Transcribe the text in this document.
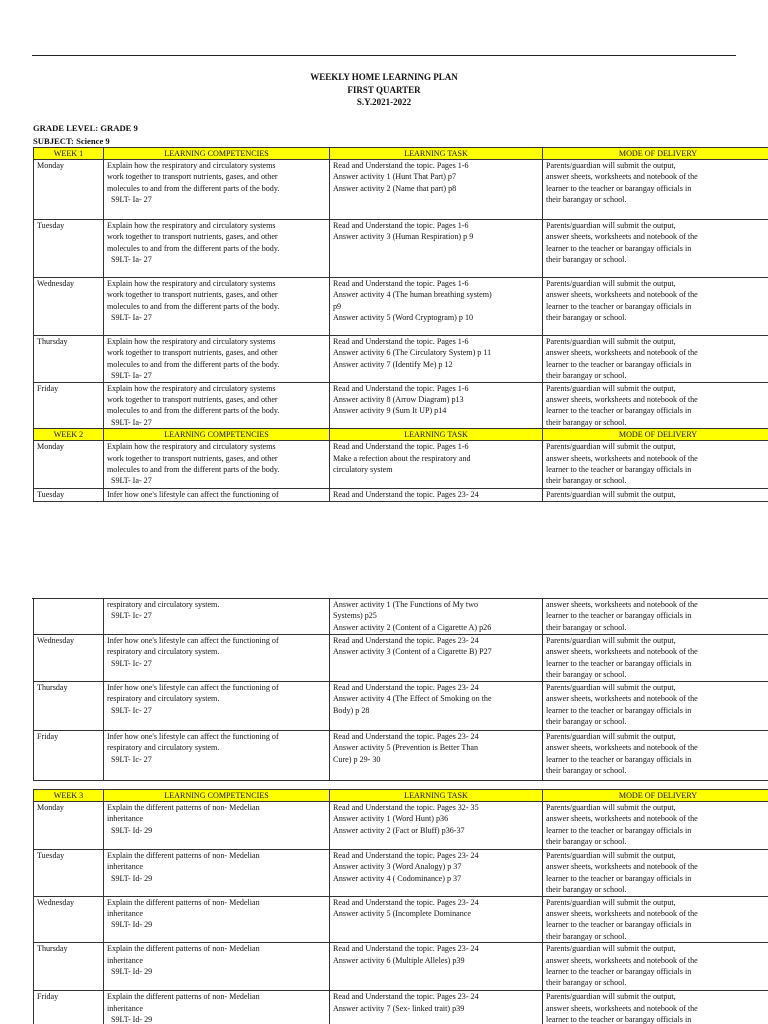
WEEKLY HOME LEARNING PLAN
FIRST QUARTER
S.Y.2021-2022
GRADE LEVEL: GRADE 9
SUBJECT: Science 9
WEEK 1	LEARNING COMPETENCIES	LEARNING TASK	MODE OF DELIVERY

Monday	Explain how the respiratory and circulatory systems
work together to transport nutrients, gases, and other
molecules to and from the different parts of the body.
S9LT- Ia- 27	Read and Understand the topic. Pages 1-6
Answer activity 1 (Hunt That Part) p7
Answer activity 2 (Name that part) p8	Parents/guardian will submit the output,
answer sheets, worksheets and notebook of the
learner to the teacher or barangay officials in
their barangay or school.

Tuesday	Explain how the respiratory and circulatory systems
work together to transport nutrients, gases, and other
molecules to and from the different parts of the body.
S9LT- Ia- 27	Read and Understand the topic. Pages 1-6
Answer activity 3 (Human Respiration) p 9	Parents/guardian will submit the output,
answer sheets, worksheets and notebook of the
learner to the teacher or barangay officials in
their barangay or school.

Wednesday	Explain how the respiratory and circulatory systems
work together to transport nutrients, gases, and other
molecules to and from the different parts of the body.
S9LT- Ia- 27	Read and Understand the topic. Pages 1-6
Answer activity 4 (The human breathing system)
p9
Answer activity 5 (Word Cryptogram) p 10	Parents/guardian will submit the output,
answer sheets, worksheets and notebook of the
learner to the teacher or barangay officials in
their barangay or school.

Thursday	Explain how the respiratory and circulatory systems
work together to transport nutrients, gases, and other
molecules to and from the different parts of the body.
S9LT- Ia- 27	Read and Understand the topic. Pages 1-6
Answer activity 6 (The Circulatory System) p 11
Answer activity 7 (Identify Me) p 12	Parents/guardian will submit the output,
answer sheets, worksheets and notebook of the
learner to the teacher or barangay officials in
their barangay or school.

Friday	Explain how the respiratory and circulatory systems
work together to transport nutrients, gases, and other
molecules to and from the different parts of the body.
S9LT- Ia- 27	Read and Understand the topic. Pages 1-6
Answer activity 8 (Arrow Diagram) p13
Answer activity 9 (Sum It UP) p14	Parents/guardian will submit the output,
answer sheets, worksheets and notebook of the
learner to the teacher or barangay officials in
their barangay or school.

WEEK 2	LEARNING COMPETENCIES	LEARNING TASK	MODE OF DELIVERY

Monday	Explain how the respiratory and circulatory systems
work together to transport nutrients, gases, and other
molecules to and from the different parts of the body.
S9LT- Ia- 27	Read and Understand the topic. Pages 1-6
Make a refection about the respiratory and
circulatory system	Parents/guardian will submit the output,
answer sheets, worksheets and notebook of the
learner to the teacher or barangay officials in
their barangay or school.

Tuesday	Infer how one's lifestyle can affect the functioning of	Read and Understand the topic. Pages 23- 24	Parents/guardian will submit the output,

	respiratory and circulatory system.
S9LT- Ic- 27	Answer activity 1 (The Functions of My two
Systems) p25
Answer activity 2 (Content of a Cigarette A) p26	answer sheets, worksheets and notebook of the
learner to the teacher or barangay officials in
their barangay or school.

Wednesday	Infer how one's lifestyle can affect the functioning of
respiratory and circulatory system.
S9LT- Ic- 27	Read and Understand the topic. Pages 23- 24
Answer activity 3 (Content of a Cigarette B) P27	Parents/guardian will submit the output,
answer sheets, worksheets and notebook of the
learner to the teacher or barangay officials in
their barangay or school.

Thursday	Infer how one's lifestyle can affect the functioning of
respiratory and circulatory system.
S9LT- Ic- 27	Read and Understand the topic. Pages 23- 24
Answer activity 4 (The Effect of Smoking on the
Body) p 28	Parents/guardian will submit the output,
answer sheets, worksheets and notebook of the
learner to the teacher or barangay officials in
their barangay or school.

Friday	Infer how one's lifestyle can affect the functioning of
respiratory and circulatory system.
S9LT- Ic- 27	Read and Understand the topic. Pages 23- 24
Answer activity 5 (Prevention is Better Than
Cure) p 29- 30	Parents/guardian will submit the output,
answer sheets, worksheets and notebook of the
learner to the teacher or barangay officials in
their barangay or school.
WEEK 3	LEARNING COMPETENCIES	LEARNING TASK	MODE OF DELIVERY

Monday	Explain the different patterns of non- Medelian
inheritance
S9LT- Id- 29	Read and Understand the topic. Pages 32- 35
Answer activity 1 (Word Hunt) p36
Answer activity 2 (Fact or Bluff) p36-37	Parents/guardian will submit the output,
answer sheets, worksheets and notebook of the
learner to the teacher or barangay officials in
their barangay or school.

Tuesday	Explain the different patterns of non- Medelian
inheritance
S9LT- Id- 29	Read and Understand the topic. Pages 23- 24
Answer activity 3 (Word Analogy) p 37
Answer activity 4 ( Codominance) p 37	Parents/guardian will submit the output,
answer sheets, worksheets and notebook of the
learner to the teacher or barangay officials in
their barangay or school.

Wednesday	Explain the different patterns of non- Medelian
inheritance
S9LT- Id- 29	Read and Understand the topic. Pages 23- 24
Answer activity 5 (Incomplete Dominance	Parents/guardian will submit the output,
answer sheets, worksheets and notebook of the
learner to the teacher or barangay officials in
their barangay or school.

Thursday	Explain the different patterns of non- Medelian
inheritance
S9LT- Id- 29	Read and Understand the topic. Pages 23- 24
Answer activity 6 (Multiple Alleles) p39	Parents/guardian will submit the output,
answer sheets, worksheets and notebook of the
learner to the teacher or barangay officials in
their barangay or school.

Friday	Explain the different patterns of non- Medelian
inheritance
S9LT- Id- 29	Read and Understand the topic. Pages 23- 24
Answer activity 7 (Sex- linked trait) p39	Parents/guardian will submit the output,
answer sheets, worksheets and notebook of the
learner to the teacher or barangay officials in
